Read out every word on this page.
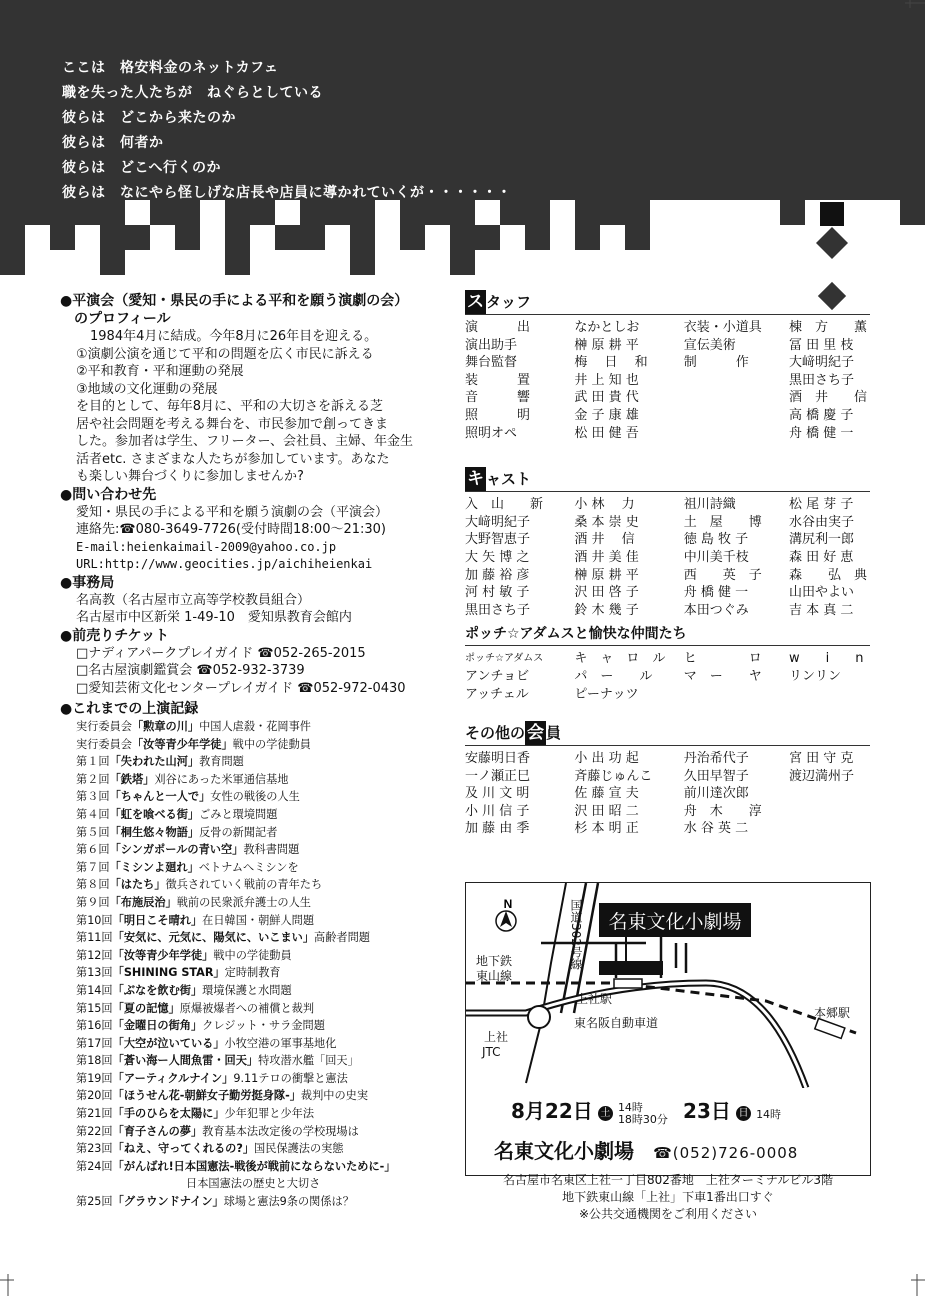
ここは　格安料金のネットカフェ
職を失った人たちが　ねぐらとしている
彼らは　どこから来たのか
彼らは　何者か
彼らは　どこへ行くのか
彼らは　なにやら怪しげな店長や店員に導かれていくが・・・・・・
●平演会（愛知・県民の手による平和を願う演劇の会）
　のプロフィール
1984年4月に結成。今年8月に26年目を迎える。
①演劇公演を通じて平和の問題を広く市民に訴える
②平和教育・平和運動の発展
③地域の文化運動の発展
を目的として、毎年8月に、平和の大切さを訴える芝
居や社会問題を考える舞台を、市民参加で創ってきま
した。参加者は学生、フリーター、会社員、主婦、年金生
活者etc. さまざまな人たちが参加しています。あなた
も楽しい舞台づくりに参加しませんか?
●問い合わせ先
愛知・県民の手による平和を願う演劇の会（平演会）
連絡先:☎080-3649-7726(受付時間18:00～21:30)
E-mail:heienkaimail-2009@yahoo.co.jp
URL:http://www.geocities.jp/aichiheienkai
●事務局
名高教（名古屋市立高等学校教員組合）
名古屋市中区新栄 1-49-10　愛知県教育会館内
●前売りチケット
□ナディアパークプレイガイド ☎052-265-2015
□名古屋演劇鑑賞会 ☎052-932-3739
□愛知芸術文化センタープレイガイド ☎052-972-0430
●これまでの上演記録
実行委員会「勲章の川」中国人虐殺・花岡事件
実行委員会「汝等青少年学徒」戦中の学徒動員
第１回「失われた山河」教育問題
第２回「鉄塔」刈谷にあった米軍通信基地
第３回「ちゃんと一人で」女性の戦後の人生
第４回「虹を喰べる街」ごみと環境問題
第５回「桐生悠々物語」反骨の新聞記者
第６回「シンガポールの青い空」教科書問題
第７回「ミシンよ廻れ」ベトナムへミシンを
第８回「はたち」徴兵されていく戦前の青年たち
第９回「布施辰治」戦前の民衆派弁護士の人生
第10回「明日こそ晴れ」在日韓国・朝鮮人問題
第11回「安気に、元気に、陽気に、いこまい」高齢者問題
第12回「汝等青少年学徒」戦中の学徒動員
第13回「SHINING STAR」定時制教育
第14回「ぶなを飲む街」環境保護と水問題
第15回「夏の記憶」原爆被爆者への補償と裁判
第16回「金曜日の街角」クレジット・サラ金問題
第17回「大空が泣いている」小牧空港の軍事基地化
第18回「蒼い海ー人間魚雷・回天」特攻潜水艦「回天」
第19回「アーティクルナイン」9.11テロの衝撃と憲法
第20回「ほうせん花-朝鮮女子勤労挺身隊-」裁判中の史実
第21回「手のひらを太陽に」少年犯罪と少年法
第22回「育子さんの夢」教育基本法改定後の学校現場は
第23回「ねえ、守ってくれるの?」国民保護法の実態
第24回「がんばれ!日本国憲法-戦後が戦前にならないために-」
日本国憲法の歴史と大切さ
第25回「グラウンドナイン」球場と憲法9条の関係は？
ス タッフ
演　　　出	なかとしお	衣装・小道具	棟　方　　薫
演出助手	榊 原 耕 平	宣伝美術	冨 田 里 枝
舞台監督	梅 　日 　和	制　　　作	大﨑明紀子
装　　　置	井 上 知 也		黒田さち子
音　　　響	武 田 貴 代		酒　井　　信
照　　　明	金 子 康 雄		高 橋 慶 子
照明オペ	松 田 健 吾		舟 橋 健 一
キ ャスト
入　山　　新	小 林　 力	祖川詩織	松 尾 芽 子
大﨑明紀子	桑 本 崇 史	土　屋　　博	水谷由実子
大野智恵子	酒 井　 信	徳 島 牧 子	溝尻利一郎
大 矢 博 之	酒 井 美 佳	中川美千枝	森 田 好 恵
加 藤 裕 彦	榊 原 耕 平	西　　英　子	森　　弘　典
河 村 敏 子	沢 田 啓 子	舟 橋 健 一	山田やよい
黒田さち子	鈴 木 幾 子	本田つぐみ	吉 本 真 二
ポッチ☆アダムスと愉快な仲間たち
ポッチ☆アダムス	キ　ャ　ロ　ル	ヒ　　　　ロ	w　　i　　n
アンチョビ	パ　ー　　ル	マ　ー　　ヤ	リンリン
アッチェル	ピーナッツ		
その他の 会 員
安藤明日香	小 出 功 起	丹治希代子	宮 田 守 克
一ノ瀬正巳	斉藤じゅんこ	久田早智子	渡辺満州子
及 川 文 明	佐 藤 宣 夫	前川達次郎	
小 川 信 子	沢 田 昭 二	舟　木　　淳	
加 藤 由 季	杉 本 明 正	水 谷 英 二	
N
名東文化小劇場
国道302号線
地下鉄
東山線
上社駅
本郷駅
東名阪自動車道
上社
JTC
8月22日 土 14時
18時30分 23日 日 14時
名東文化小劇場 ☎(052)726-0008
名古屋市名東区上社一丁目802番地　上社ターミナルビル3階
地下鉄東山線「上社」下車1番出口すぐ
※公共交通機関をご利用ください
